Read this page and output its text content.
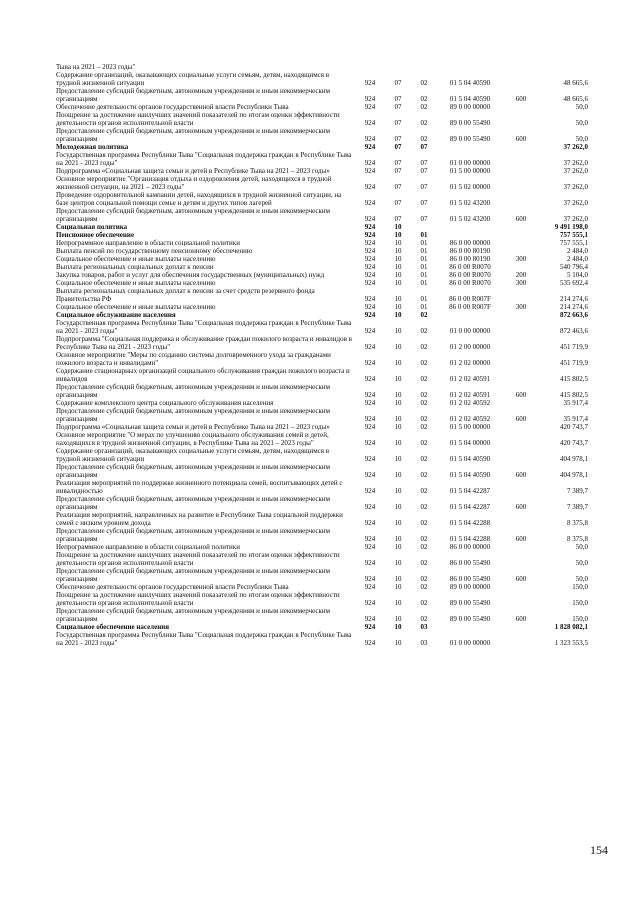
Тыва на 2021 – 2023 годы"
Содержание организаций, оказывающих социальные услуги семьям, детям, находящимся в трудной жизненной ситуации	924	07	02	01 5 04 40590	48 665,6
Предоставление субсидий бюджетным, автономным учреждениям и иным некоммерческим организациям	924	07	02	01 5 04 40590	600	48 665,6
Обеспечение деятельности органов государственной власти Республики Тыва	924	07	02	89 0 00 00000	50,0
Поощрение за достижение наилучших значений показателей по итогам оценки эффективности деятельности органов исполнительной власти	924	07	02	89 0 00 55490	50,0
Предоставление субсидий бюджетным, автономным учреждениям и иным некоммерческим организациям	924	07	02	89 0 00 55490	600	50,0
Молодежная политика	924	07	07	37 262,0
Государственная программа Республики Тыва "Социальная поддержка граждан в Республике Тыва на 2021 - 2023 годы"	924	07	07	01 0 00 00000	37 262,0
Подпрограмма «Социальная защита семьи и детей в Республике Тыва на 2021 – 2023 годы»	924	07	07	01 5 00 00000	37 262,0
Основное мероприятие "Организация отдыха и оздоровления детей, находящихся в трудной жизненной ситуации, на 2021 – 2023 годы"	924	07	07	01 5 02 00000	37 262,0
Проведение оздоровительной кампании детей, находящихся в трудной жизненной ситуации, на базе центров социальной помощи семье и детям и других типов лагерей	924	07	07	01 5 02 43200	37 262,0
Предоставление субсидий бюджетным, автономным учреждениям и иным некоммерческим организациям	924	07	07	01 5 02 43200	600	37 262,0
Социальная политика	924	10	9 491 198,0
Пенсионное обеспечение	924	10	01	757 555,1
Непрограммное направление в области социальной политики	924	10	01	86 0 00 00000	757 555,1
Выплата пенсий по государственному пенсионному обеспечению	924	10	01	86 0 00 80190	2 484,0
Социальное обеспечение и иные выплаты населению	924	10	01	86 0 00 80190	300	2 484,0
Выплата региональных социальных доплат к пенсии	924	10	01	86 0 00 R0070	540 796,4
Закупка товаров, работ и услуг для обеспечения государственных (муниципальных) нужд	924	10	01	86 0 00 R0070	200	5 104,0
Социальное обеспечение и иные выплаты населению	924	10	01	86 0 00 R0070	300	535 692,4
Выплата региональных социальных доплат к пенсии за счет средств резервного фонда Правительства РФ	924	10	01	86 0 00 R007F	214 274,6
Социальное обеспечение и иные выплаты населению	924	10	01	86 0 00 R007F	300	214 274,6
Социальное обслуживание населения	924	10	02	872 663,6
Государственная программа Республики Тыва "Социальная поддержка граждан в Республике Тыва на 2021 - 2023 годы"	924	10	02	01 0 00 00000	872 463,6
Подпрограмма "Социальная поддержка и обслуживание граждан пожилого возраста и инвалидов в Республике Тыва на 2021 - 2023 годы"	924	10	02	01 2 00 00000	451 719,9
Основное мероприятие "Меры по созданию системы долговременного ухода за гражданами пожилого возраста и инвалидами"	924	10	02	01 2 02 00000	451 719,9
Содержание стационарных организаций социального обслуживания граждан пожилого возраста и инвалидов	924	10	02	01 2 02 40591	415 802,5
Предоставление субсидий бюджетным, автономным учреждениям и иным некоммерческим организациям	924	10	02	01 2 02 40591	600	415 802,5
Содержание комплексного центра социального обслуживания населения	924	10	02	01 2 02 40592	35 917,4
Предоставление субсидий бюджетным, автономным учреждениям и иным некоммерческим организациям	924	10	02	01 2 02 40592	600	35 917,4
Подпрограмма «Социальная защита семьи и детей в Республике Тыва на 2021 – 2023 годы»	924	10	02	01 5 00 00000	420 743,7
Основное мероприятие "О мерах по улучшению социального обслуживания семей и детей, находящихся в трудной жизненной ситуации, в Республике Тыва на 2021 – 2023 годы"	924	10	02	01 5 04 00000	420 743,7
Содержание организаций, оказывающих социальные услуги семьям, детям, находящимся в трудной жизненной ситуации	924	10	02	01 5 04 40590	404 978,1
Предоставление субсидий бюджетным, автономным учреждениям и иным некоммерческим организациям	924	10	02	01 5 04 40590	600	404 978,1
Реализация мероприятий по поддержке жизненного потенциала семей, воспитывающих детей с инвалидностью	924	10	02	01 5 04 42287	7 389,7
Предоставление субсидий бюджетным, автономным учреждениям и иным некоммерческим организациям	924	10	02	01 5 04 42287	600	7 389,7
Реализация мероприятий, направленных на развитие в Республике Тыва социальной поддержки семей с низким уровнем дохода	924	10	02	01 5 04 42288	8 375,8
Предоставление субсидий бюджетным, автономным учреждениям и иным некоммерческим организациям	924	10	02	01 5 04 42288	600	8 375,8
Непрограммное направление в области социальной политики	924	10	02	86 0 00 00000	50,0
Поощрение за достижение наилучших значений показателей по итогам оценки эффективности деятельности органов исполнительной власти	924	10	02	86 0 00 55490	50,0
Предоставление субсидий бюджетным, автономным учреждениям и иным некоммерческим организациям	924	10	02	86 0 00 55490	600	50,0
Обеспечение деятельности органов государственной власти Республики Тыва	924	10	02	89 0 00 00000	150,0
Поощрение за достижение наилучших значений показателей по итогам оценки эффективности деятельности органов исполнительной власти	924	10	02	89 0 00 55490	150,0
Предоставление субсидий бюджетным, автономным учреждениям и иным некоммерческим организациям	924	10	02	89 0 00 55490	600	150,0
Социальное обеспечение населения	924	10	03	1 828 082,1
Государственная программа Республики Тыва "Социальная поддержка граждан в Республике Тыва на 2021 - 2023 годы"	924	10	03	01 0 00 00000	1 323 553,5
154
